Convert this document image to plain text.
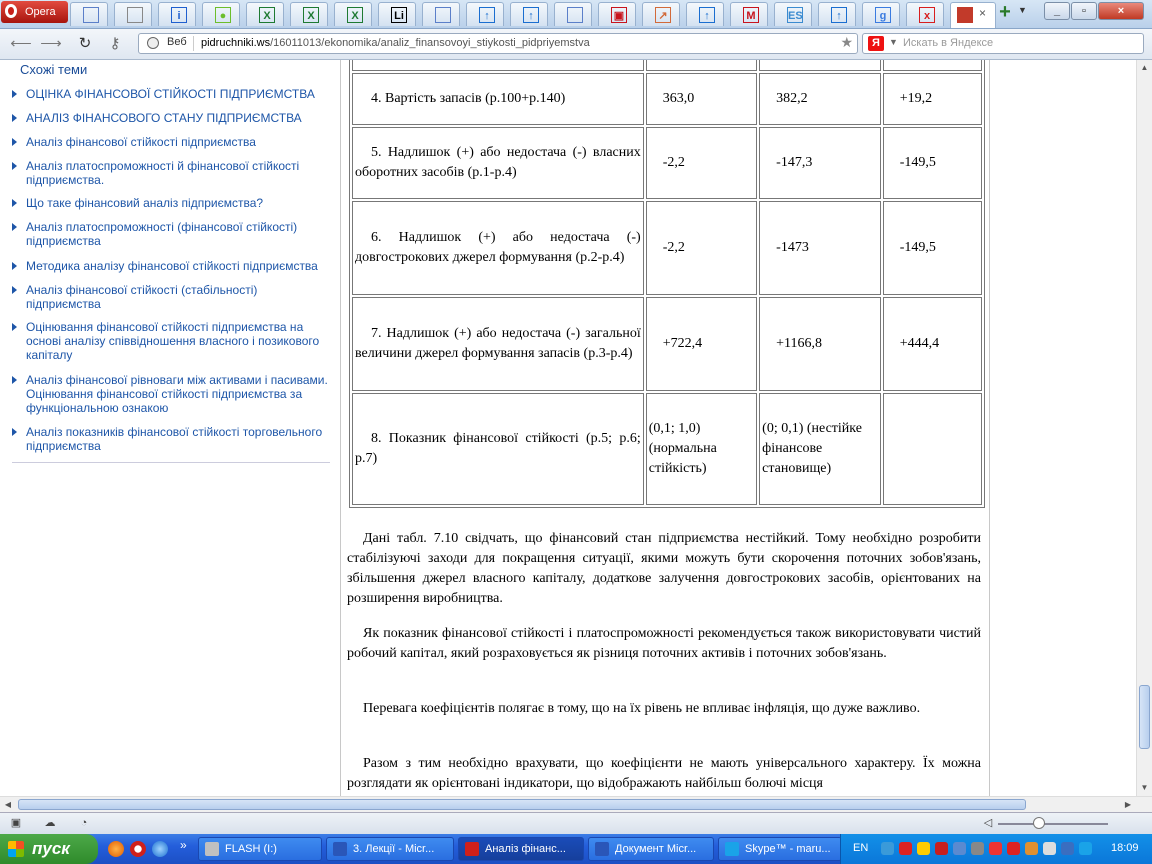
Opera	i	●	X	X	X	Li	↑	↑	▣	↗	↑	M	ES	↑	g	x	× + ▼	_	▫	×
⟵ ⟶	↻	⚷	Веб pidruchniki.ws/16011013/ekonomika/analiz_finansovoyi_stiykosti_pidpriyemstva	★	Я	▼ Искать в Яндексе
Схожі теми
ОЦІНКА ФІНАНСОВОЇ СТІЙКОСТІ ПІДПРИЄМСТВА
АНАЛІЗ ФІНАНСОВОГО СТАНУ ПІДПРИЄМСТВА
Аналіз фінансової стійкості підприємства
Аналіз платоспроможності й фінансової стійкості підприємства.
Що таке фінансовий аналіз підприємства?
Аналіз платоспроможності (фінансової стійкості) підприємства
Методика аналізу фінансової стійкості підприємства
Аналіз фінансової стійкості (стабільності) підприємства
Оцінювання фінансової стійкості підприємства на основі аналізу співвідношення власного і позикового капіталу
Аналіз фінансової рівноваги між активами і пасивами. Оцінювання фінансової стійкості підприємства за функціональною ознакою
Аналіз показників фінансової стійкості торговельного підприємства

4. Вартість запасів (р.100+р.140)	363,0	382,2	+19,2
5. Надлишок (+) або недостача (-) власних оборотних засобів (р.1-р.4)	-2,2	-147,3	-149,5
6. Надлишок (+) або недостача (-) довгострокових джерел формування (р.2-р.4)	-2,2	-1473	-149,5
7. Надлишок (+) або недостача (-) загальної величини джерел формування запасів (р.3-р.4)	+722,4	+1166,8	+444,4
8. Показник фінансової стійкості (р.5; р.6; р.7)	(0,1; 1,0) (нормальна стійкість)	(0; 0,1) (нестійке фінансове становище)	

Дані табл. 7.10 свідчать, що фінансовий стан підприємства нестійкий. Тому необхідно розробити стабілізуючі заходи для покращення ситуації, якими можуть бути скорочення поточних зобов'язань, збільшення джерел власного капіталу, додаткове залучення довгострокових засобів, орієнтованих на розширення виробництва.

Як показник фінансової стійкості і платоспроможності рекомендується також використовувати чистий робочий капітал, який розраховується як різниця поточних активів і поточних зобов'язань.

Перевага коефіцієнтів полягає в тому, що на їх рівень не впливає інфляція, що дуже важливо.

Разом з тим необхідно врахувати, що коефіцієнти не мають універсального характеру. Їх можна розглядати як орієнтовані індикатори, що відображають найбільш болючі місця

▲
▼
◀	▶
▣ ☁	◔	◁
пуск	»	FLASH (I:)	3. Лекції - Micr...	Аналіз фінанс...	Документ Micr...	Skype™ - maru... EN	18:09
